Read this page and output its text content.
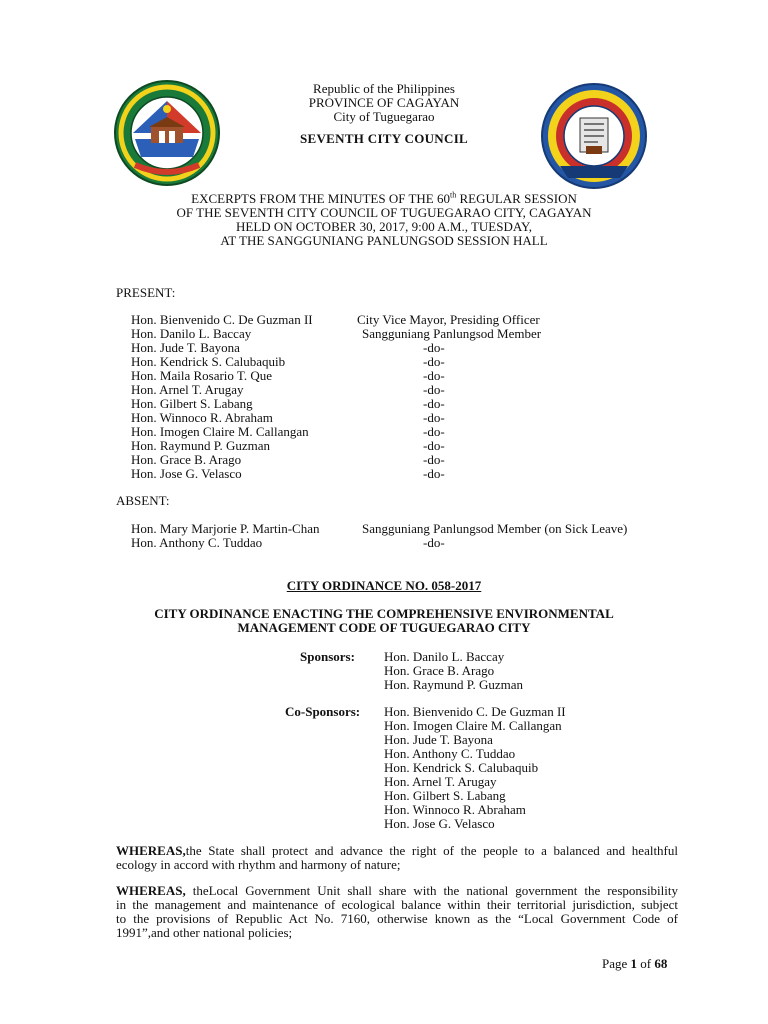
Republic of the Philippines
PROVINCE OF CAGAYAN
City of Tuguegarao
SEVENTH CITY COUNCIL
EXCERPTS FROM THE MINUTES OF THE 60th REGULAR SESSION
OF THE SEVENTH CITY COUNCIL OF TUGUEGARAO CITY, CAGAYAN
HELD ON OCTOBER 30, 2017, 9:00 A.M., TUESDAY,
AT THE SANGGUNIANG PANLUNGSOD SESSION HALL
PRESENT:
Hon. Bienvenido C. De Guzman II	City Vice Mayor, Presiding Officer
Hon. Danilo L. Baccay	Sangguniang Panlungsod Member
Hon. Jude T. Bayona	-do-
Hon. Kendrick S. Calubaquib	-do-
Hon. Maila Rosario T. Que	-do-
Hon. Arnel T. Arugay	-do-
Hon. Gilbert S. Labang	-do-
Hon. Winnoco R. Abraham	-do-
Hon. Imogen Claire M. Callangan	-do-
Hon. Raymund P. Guzman	-do-
Hon. Grace B. Arago	-do-
Hon. Jose G. Velasco	-do-
ABSENT:
Hon. Mary Marjorie P. Martin-Chan	Sangguniang Panlungsod Member (on Sick Leave)
Hon. Anthony C. Tuddao	-do-
CITY ORDINANCE NO. 058-2017
CITY ORDINANCE ENACTING THE COMPREHENSIVE ENVIRONMENTAL
MANAGEMENT CODE OF TUGUEGARAO CITY
Sponsors: Hon. Danilo L. Baccay
Hon. Grace B. Arago
Hon. Raymund P. Guzman
Co-Sponsors: Hon. Bienvenido C. De Guzman II
Hon. Imogen Claire M. Callangan
Hon. Jude T. Bayona
Hon. Anthony C. Tuddao
Hon. Kendrick S. Calubaquib
Hon. Arnel T. Arugay
Hon. Gilbert S. Labang
Hon. Winnoco R. Abraham
Hon. Jose G. Velasco
WHEREAS,the State shall protect and advance the right of the people to a balanced and healthful
ecology in accord with rhythm and harmony of nature;
WHEREAS, theLocal Government Unit shall share with the national government the responsibility
in the management and maintenance of ecological balance within their territorial jurisdiction, subject
to the provisions of Republic Act No. 7160, otherwise known as the “Local Government Code of
1991”,and other national policies;
Page 1 of 68
